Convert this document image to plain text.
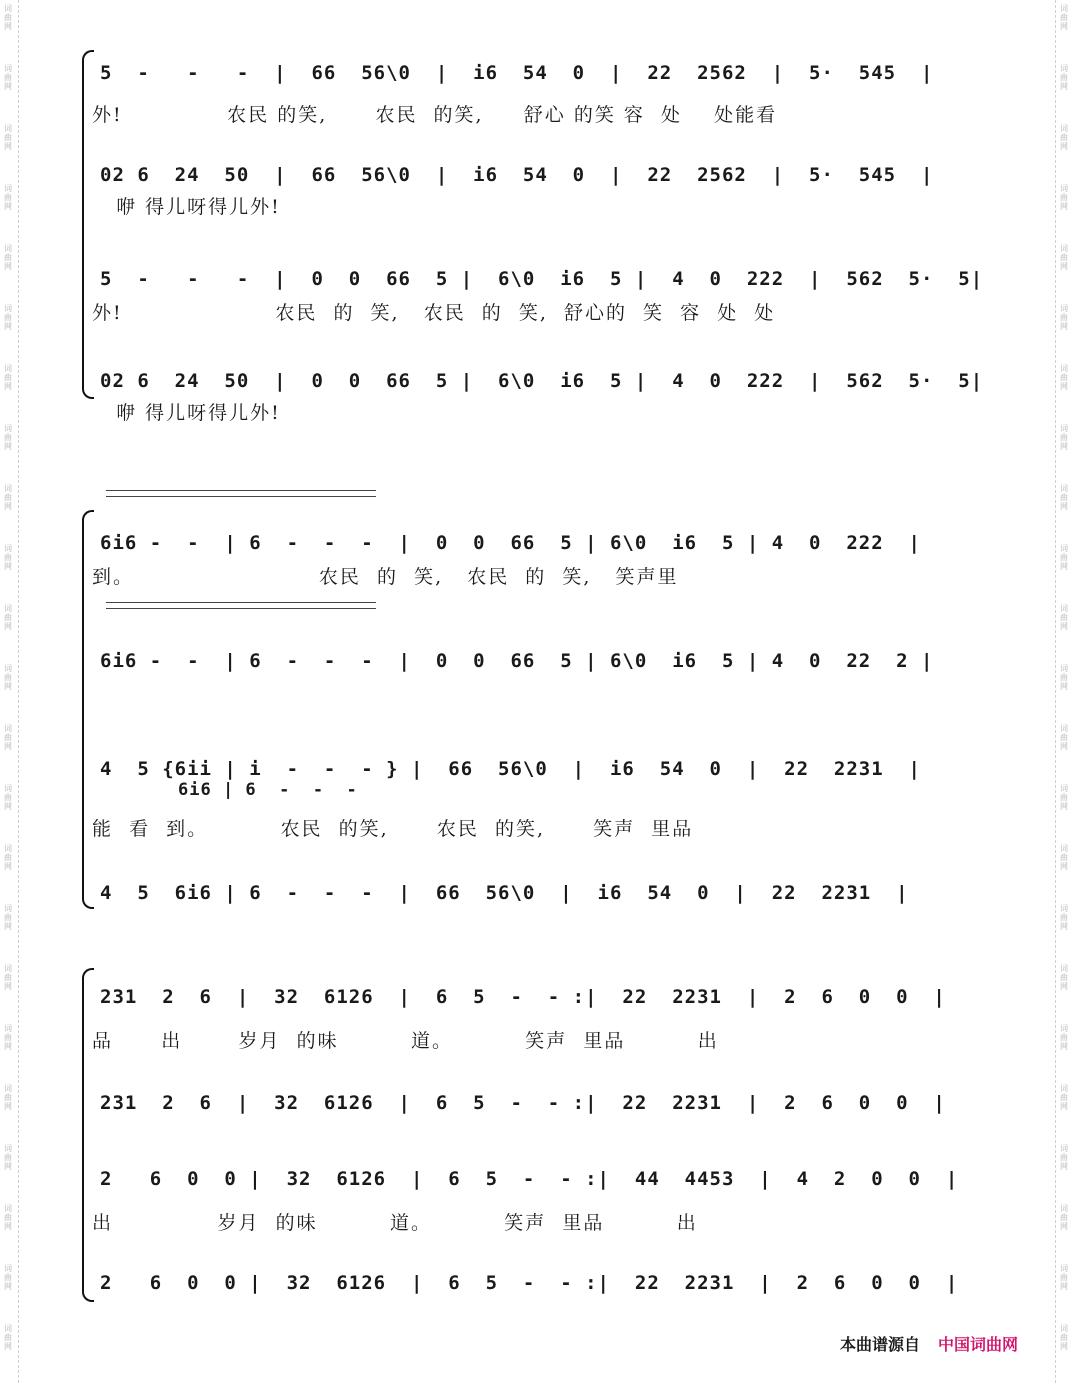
词
曲
网
词
曲
网
词
曲
网
词
曲
网
词
曲
网
词
曲
网
词
曲
网
词
曲
网
词
曲
网
词
曲
网
词
曲
网
词
曲
网
词
曲
网
词
曲
网
词
曲
网
词
曲
网
词
曲
网
词
曲
网
词
曲
网
词
曲
网
词
曲
网
词
曲
网
词
曲
网
词
曲
网
词
曲
网
词
曲
网
词
曲
网
词
曲
网
词
曲
网
词
曲
网
词
曲
网
词
曲
网
词
曲
网
词
曲
网
词
曲
网
词
曲
网
词
曲
网
词
曲
网
词
曲
网
词
曲
网
词
曲
网
词
曲
网
词
曲
网
词
曲
网
词
曲
网
词
曲
网
5  -   -   -  |  66  56\0  |  i6  54  0  |  22  2562  |  5·  545  |
外!             农民 的笑,      农民  的笑,     舒心 的笑 容  处    处能看
02 6  24  50  |  66  56\0  |  i6  54  0  |  22  2562  |  5·  545  |
咿 得儿呀得儿外!
5  -   -   -  |  0  0  66  5 |  6\0  i6  5 |  4  0  222  |  562  5·  5|
外!                   农民  的  笑,   农民  的  笑,  舒心的  笑  容  处  处
02 6  24  50  |  0  0  66  5 |  6\0  i6  5 |  4  0  222  |  562  5·  5|
咿 得儿呀得儿外!
6i6 -  -  | 6  -  -  -  |  0  0  66  5 | 6\0  i6  5 | 4  0  222  |
到。                       农民  的  笑,   农民  的  笑,   笑声里
6i6 -  -  | 6  -  -  -  |  0  0  66  5 | 6\0  i6  5 | 4  0  22  2 |
4  5 {6ii | i  -  -  - } |  66  56\0  |  i6  54  0  |  22  2231  |
6i6 | 6  -  -  -
能  看  到。         农民  的笑,      农民  的笑,      笑声  里品
4  5  6i6 | 6  -  -  -  |  66  56\0  |  i6  54  0  |  22  2231  |
231  2  6  |  32  6126  |  6  5  -  - :|  22  2231  |  2  6  0  0  |
品      出       岁月  的味         道。         笑声  里品         出
231  2  6  |  32  6126  |  6  5  -  - :|  22  2231  |  2  6  0  0  |
2   6  0  0 |  32  6126  |  6  5  -  - :|  44  4453  |  4  2  0  0  |
出             岁月  的味         道。         笑声  里品         出
2   6  0  0 |  32  6126  |  6  5  -  - :|  22  2231  |  2  6  0  0  |
本曲谱源自 中国词曲网
